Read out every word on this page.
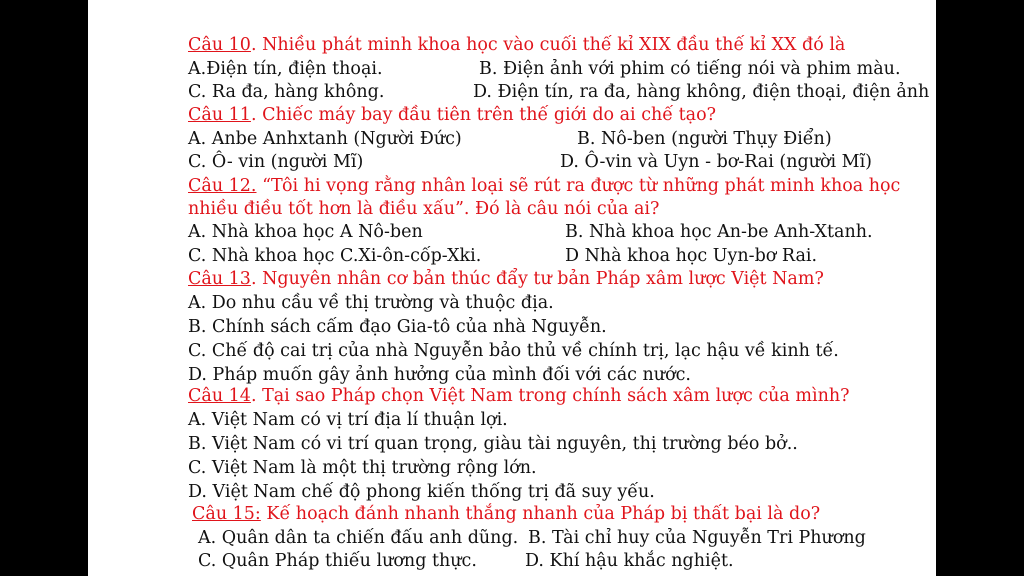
Câu 10. Nhiều phát minh khoa học vào cuối thế kỉ XIX đầu thế kỉ XX đó là
A.Điện tín, điện thoại.	B. Điện ảnh với phim có tiếng nói và phim màu.
C. Ra đa, hàng không.	D. Điện tín, ra đa, hàng không, điện thoại, điện ảnh
Câu 11. Chiếc máy bay đầu tiên trên thế giới do ai chế tạo?
A. Anbe Anhxtanh (Người Đức)	B. Nô-ben (người Thụy Điển)
C. Ô- vin (người Mĩ)	D. Ô-vin và Uyn - bơ-Rai (người Mĩ)
Câu 12. “Tôi hi vọng rằng nhân loại sẽ rút ra được từ những phát minh khoa học
nhiều điều tốt hơn là điều xấu”. Đó là câu nói của ai?
A. Nhà khoa học A Nô-ben	B. Nhà khoa học An-be Anh-Xtanh.
C. Nhà khoa học C.Xi-ôn-cốp-Xki.	D Nhà khoa học Uyn-bơ Rai.
Câu 13. Nguyên nhân cơ bản thúc đẩy tư bản Pháp xâm lược Việt Nam?
A. Do nhu cầu về thị trường và thuộc địa.
B. Chính sách cấm đạo Gia-tô của nhà Nguyễn.
C. Chế độ cai trị của nhà Nguyễn bảo thủ về chính trị, lạc hậu về kinh tế.
D. Pháp muốn gây ảnh hưởng của mình đối với các nước.
Câu 14. Tại sao Pháp chọn Việt Nam trong chính sách xâm lược của mình?
A. Việt Nam có vị trí địa lí thuận lợi.
B. Việt Nam có vi trí quan trọng, giàu tài nguyên, thị trường béo bở..
C. Việt Nam là một thị trường rộng lớn.
D. Việt Nam chế độ phong kiến thống trị đã suy yếu.
Câu 15: Kế hoạch đánh nhanh thắng nhanh của Pháp bị thất bại là do?
A. Quân dân ta chiến đấu anh dũng. B. Tài chỉ huy của Nguyễn Tri Phương
C. Quân Pháp thiếu lương thực.	D. Khí hậu khắc nghiệt.
